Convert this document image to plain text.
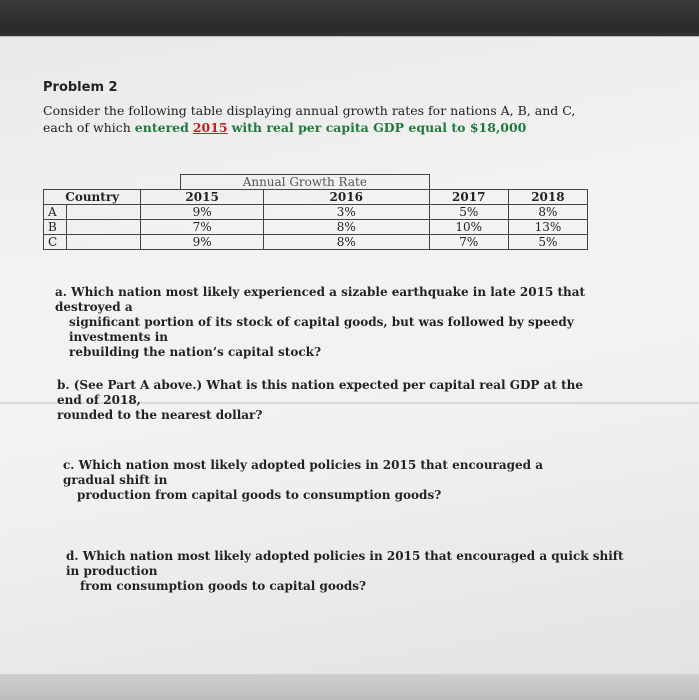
Problem 2
Consider the following table displaying annual growth rates for nations A, B, and C, each of which entered 2015 with real per capita GDP equal to $18,000
			Annual Growth Rate			
Country		2015		2016	2017	2018
A		9%		3%	5%	8%
B		7%		8%	10%	13%
C		9%		8%	7%	5%
a. Which nation most likely experienced a sizable earthquake in late 2015 that destroyed a
significant portion of its stock of capital goods, but was followed by speedy investments in
rebuilding the nation’s capital stock?
b. (See Part A above.) What is this nation expected per capital real GDP at the end of 2018,
rounded to the nearest dollar?
c. Which nation most likely adopted policies in 2015 that encouraged a gradual shift in
production from capital goods to consumption goods?
d. Which nation most likely adopted policies in 2015 that encouraged a quick shift in production
from consumption goods to capital goods?
